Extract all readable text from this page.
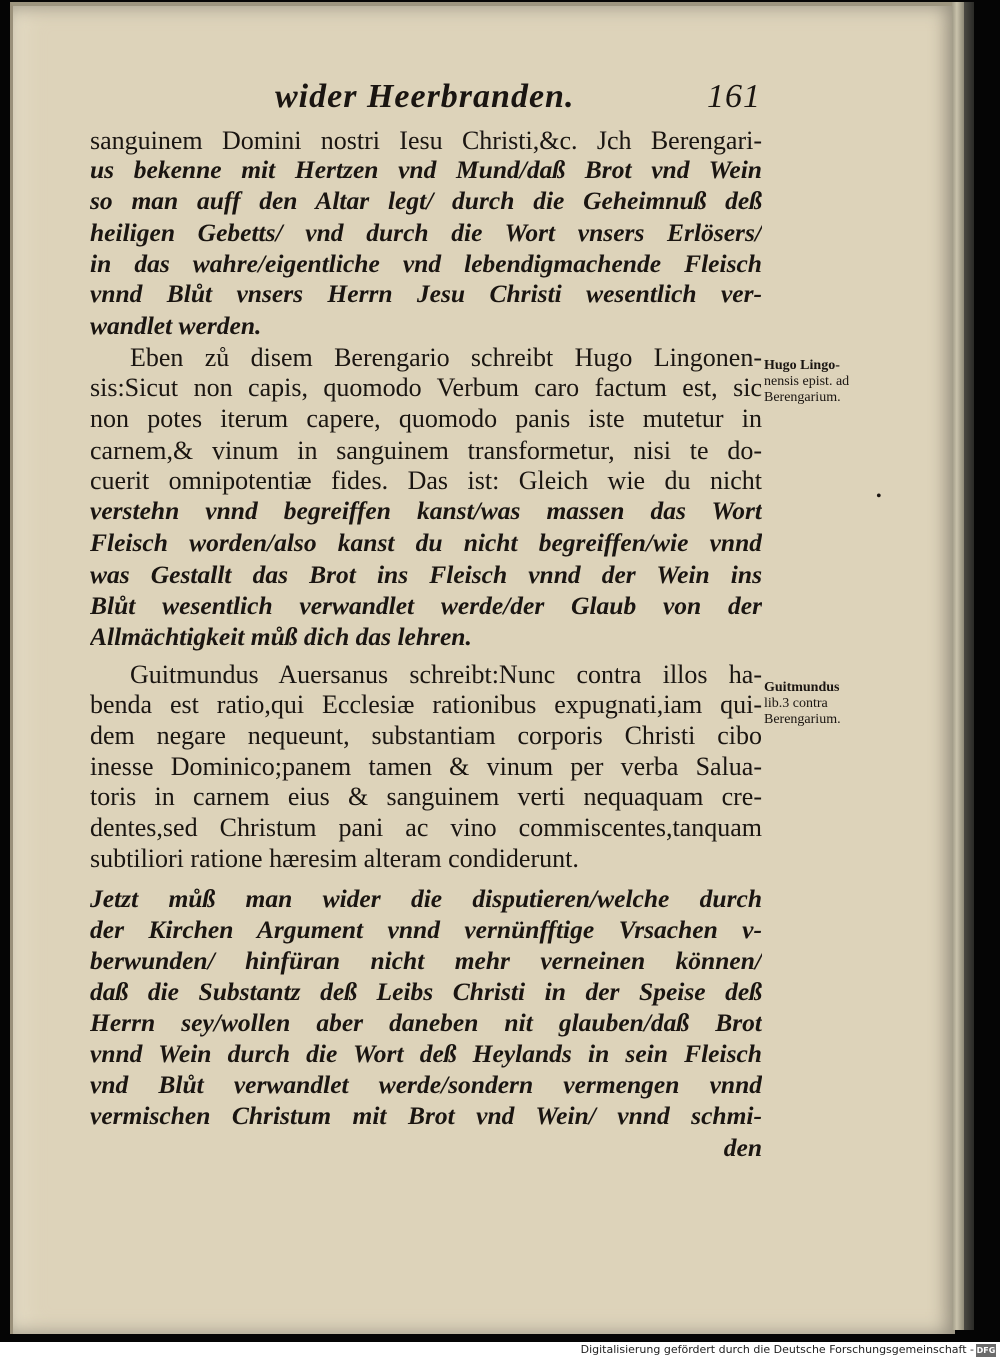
wider Heerbranden.	161
sanguinem Domini nostri Iesu Christi,&c. Jch Berengari-
us bekenne mit Hertzen vnd Mund/daß Brot vnd Wein
so man auff den Altar legt/ durch die Geheimnuß deß
heiligen Gebetts/ vnd durch die Wort vnsers Erlösers/
in das wahre/eigentliche vnd lebendigmachende Fleisch
vnnd Blůt vnsers Herrn Jesu Christi wesentlich ver-
wandlet werden.
Eben zů disem Berengario schreibt Hugo Lingonen-
sis:Sicut non capis, quomodo Verbum caro factum est, sic
non potes iterum capere, quomodo panis iste mutetur in
carnem,& vinum in sanguinem transformetur, nisi te do-
cuerit omnipotentiæ fides. Das ist: Gleich wie du nicht
verstehn vnnd begreiffen kanst/was massen das Wort
Fleisch worden/also kanst du nicht begreiffen/wie vnnd
was Gestallt das Brot ins Fleisch vnnd der Wein ins
Blůt wesentlich verwandlet werde/der Glaub von der
Allmächtigkeit můß dich das lehren.
Guitmundus Auersanus schreibt:Nunc contra illos ha-
benda est ratio,qui Ecclesiæ rationibus expugnati,iam qui-
dem negare nequeunt, substantiam corporis Christi cibo
inesse Dominico;panem tamen & vinum per verba Salua-
toris in carnem eius & sanguinem verti nequaquam cre-
dentes,sed Christum pani ac vino commiscentes,tanquam
subtiliori ratione hæresim alteram condiderunt.
Jetzt můß man wider die disputieren/welche durch
der Kirchen Argument vnnd vernünfftige Vrsachen v-
berwunden/ hinfüran nicht mehr verneinen können/
daß die Substantz deß Leibs Christi in der Speise deß
Herrn sey/wollen aber daneben nit glauben/daß Brot
vnnd Wein durch die Wort deß Heylands in sein Fleisch
vnd Blůt verwandlet werde/sondern vermengen vnnd
vermischen Christum mit Brot vnd Wein/ vnnd schmi-
den
Hugo Lingo-
nensis epist. ad
Berengarium.
Guitmundus
lib.3 contra
Berengarium.
•
Digitalisierung gefördert durch die Deutsche Forschungsgemeinschaft - DFG
